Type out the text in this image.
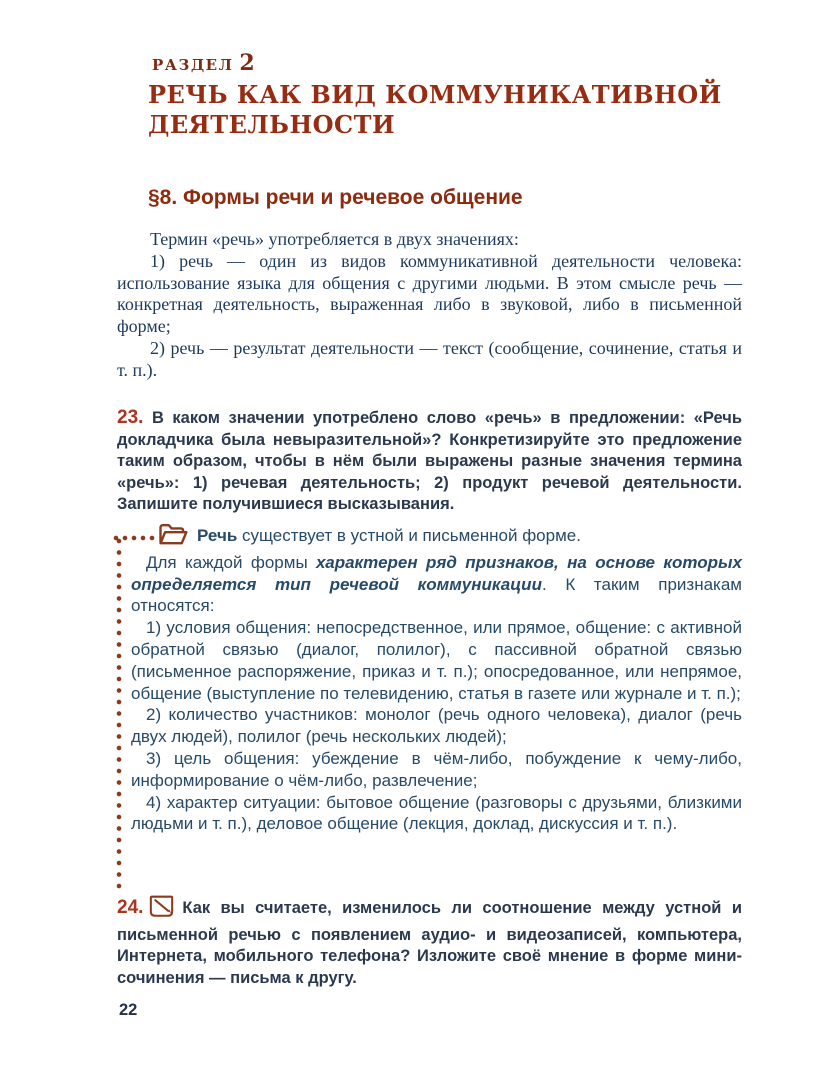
РАЗДЕЛ 2
РЕЧЬ КАК ВИД КОММУНИКАТИВНОЙ ДЕЯТЕЛЬНОСТИ
§8. Формы речи и речевое общение

Термин «речь» употребляется в двух значениях:

1) речь — один из видов коммуникативной деятельности человека: использование языка для общения с другими людьми. В этом смысле речь — конкретная деятельность, выраженная либо в звуковой, либо в письменной форме;

2) речь — результат деятельности — текст (сообщение, сочинение, статья и т. п.).

23. В каком значении употреблено слово «речь» в предложении: «Речь докладчика была невыразительной»? Конкретизируйте это предложение таким образом, чтобы в нём были выражены разные значения термина «речь»: 1) речевая деятельность; 2) продукт речевой деятельности. Запишите получившиеся высказывания.

Речь существует в устной и письменной форме.

Для каждой формы характерен ряд признаков, на основе которых определяется тип речевой коммуникации. К таким признакам относятся:

1) условия общения: непосредственное, или прямое, общение: с активной обратной связью (диалог, полилог), с пассивной обратной связью (письменное распоряжение, приказ и т. п.); опосредованное, или непрямое, общение (выступление по телевидению, статья в газете или журнале и т. п.);

2) количество участников: монолог (речь одного человека), диалог (речь двух людей), полилог (речь нескольких людей);

3) цель общения: убеждение в чём-либо, побуждение к чему-либо, информирование о чём-либо, развлечение;

4) характер ситуации: бытовое общение (разговоры с друзьями, близкими людьми и т. п.), деловое общение (лекция, доклад, дискуссия и т. п.).

24. Как вы считаете, изменилось ли соотношение между устной и письменной речью с появлением аудио- и видеозаписей, компьютера, Интернета, мобильного телефона? Изложите своё мнение в форме мини-сочинения — письма к другу.

22
